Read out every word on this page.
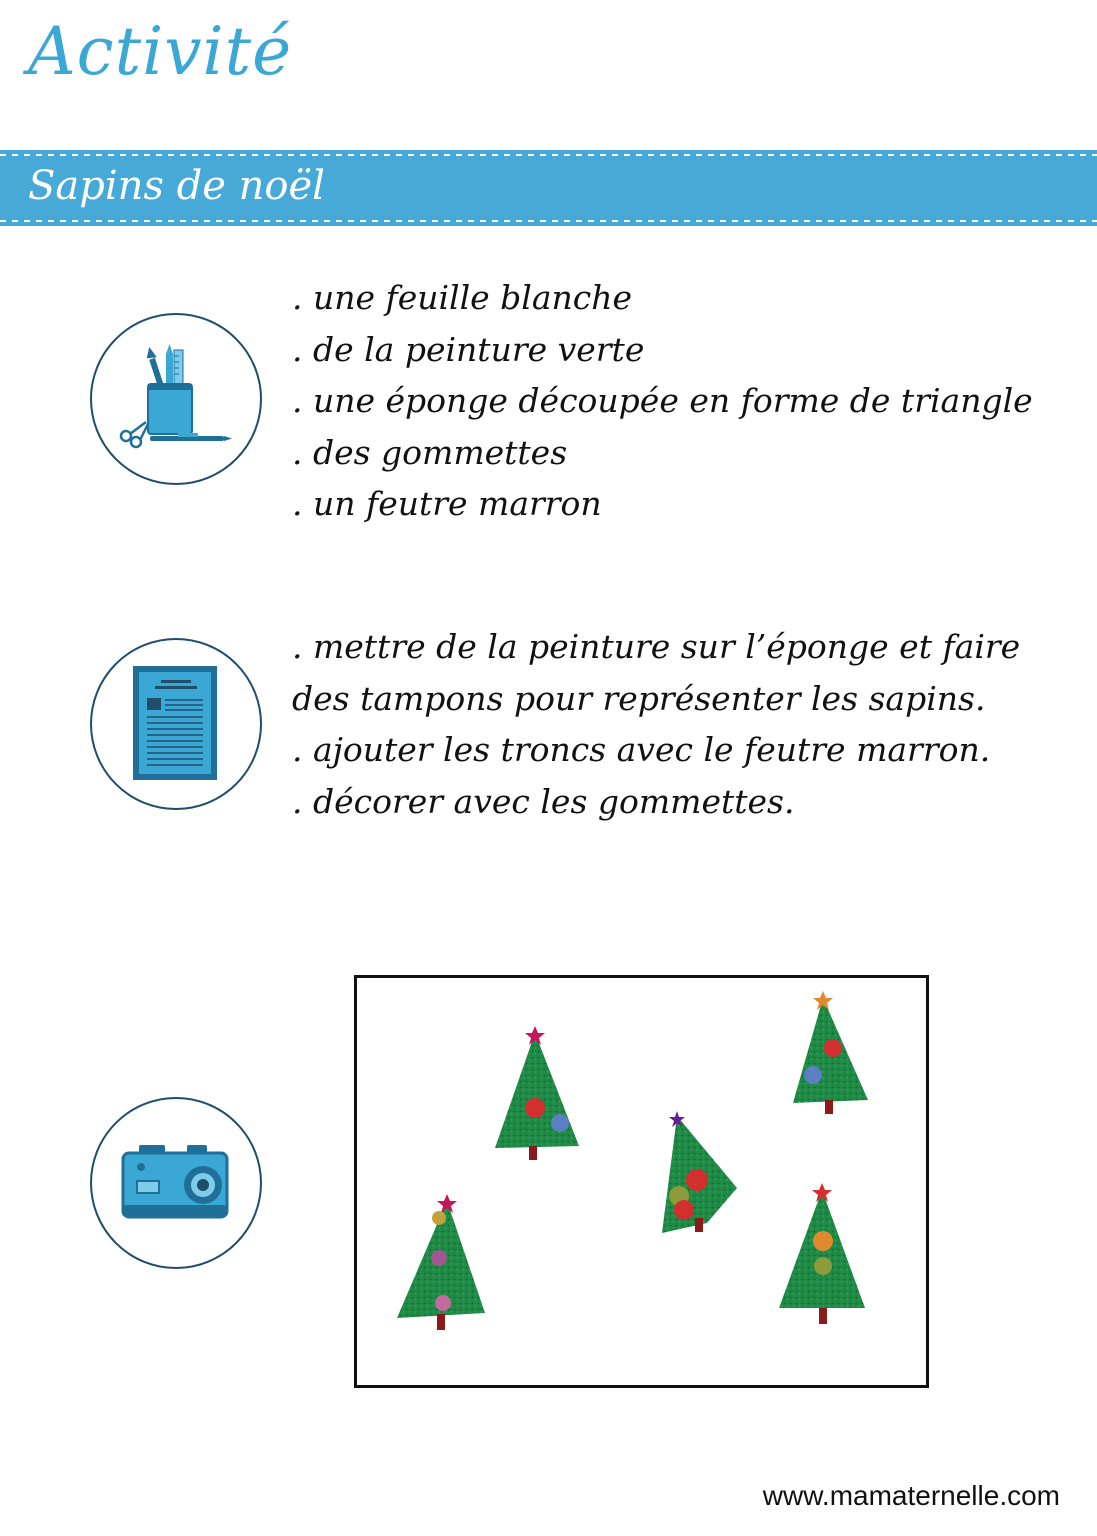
Activité
Sapins de noël
. une feuille blanche
. de la peinture verte
. une éponge découpée en forme de triangle
. des gommettes
. un feutre marron
. mettre de la peinture sur l’éponge et faire
des tampons pour représenter les sapins.
. ajouter les troncs avec le feutre marron.
. décorer avec les gommettes.
www.mamaternelle.com
